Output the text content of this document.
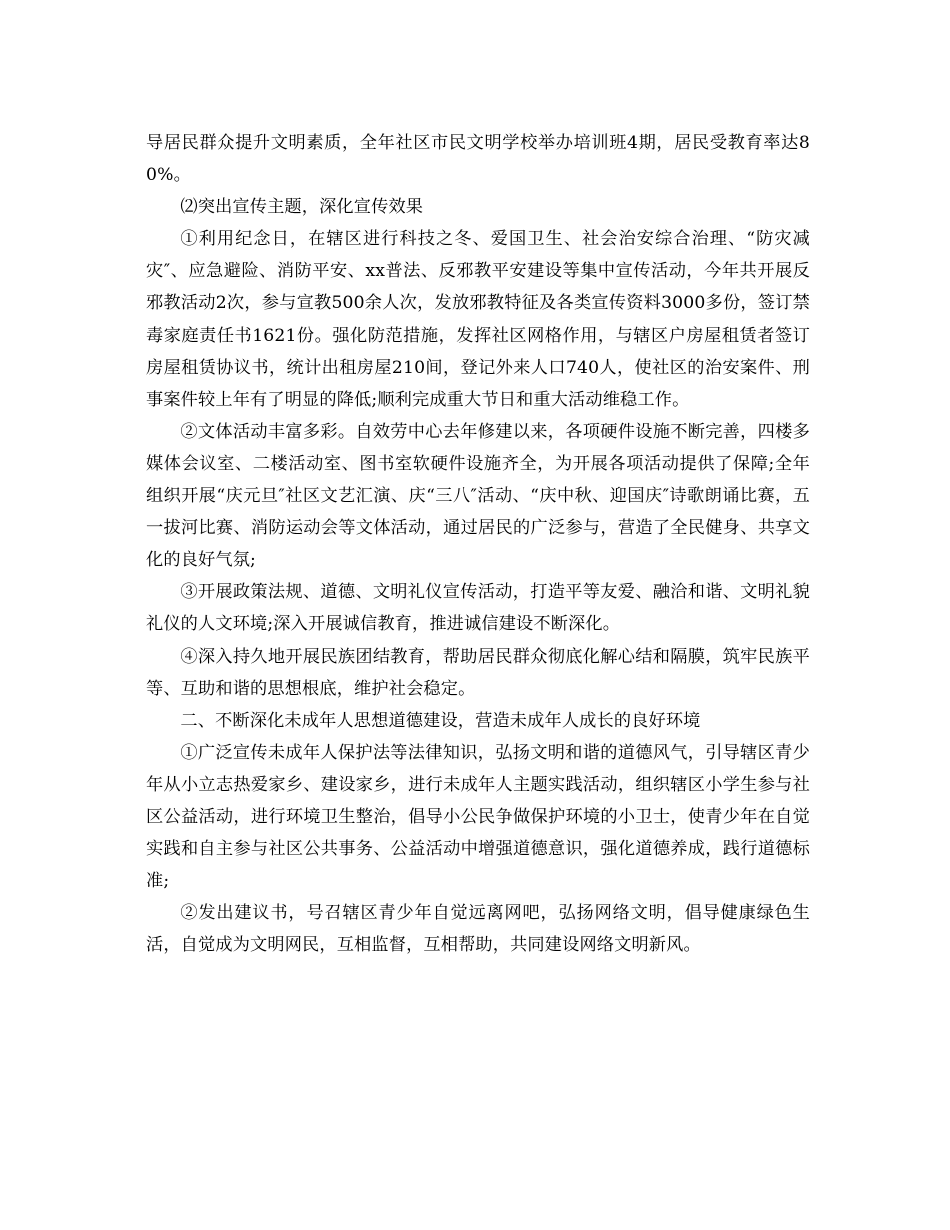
导居民群众提升文明素质，全年社区市民文明学校举办培训班4期，居民受教育率达80%。

⑵突出宣传主题，深化宣传效果

①利用纪念日，在辖区进行科技之冬、爱国卫生、社会治安综合治理、“防灾减灾″、应急避险、消防平安、xx普法、反邪教平安建设等集中宣传活动，今年共开展反邪教活动2次，参与宣教500余人次，发放邪教特征及各类宣传资料3000多份，签订禁毒家庭责任书1621份。强化防范措施，发挥社区网格作用，与辖区户房屋租赁者签订房屋租赁协议书，统计出租房屋210间，登记外来人口740人，使社区的治安案件、刑事案件较上年有了明显的降低;顺利完成重大节日和重大活动维稳工作。

②文体活动丰富多彩。自效劳中心去年修建以来，各项硬件设施不断完善，四楼多媒体会议室、二楼活动室、图书室软硬件设施齐全，为开展各项活动提供了保障;全年组织开展“庆元旦″社区文艺汇演、庆“三八″活动、“庆中秋、迎国庆″诗歌朗诵比赛，五一拔河比赛、消防运动会等文体活动，通过居民的广泛参与，营造了全民健身、共享文化的良好气氛;

③开展政策法规、道德、文明礼仪宣传活动，打造平等友爱、融洽和谐、文明礼貌礼仪的人文环境;深入开展诚信教育，推进诚信建设不断深化。

④深入持久地开展民族团结教育，帮助居民群众彻底化解心结和隔膜，筑牢民族平等、互助和谐的思想根底，维护社会稳定。

二、不断深化未成年人思想道德建设，营造未成年人成长的良好环境

①广泛宣传未成年人保护法等法律知识，弘扬文明和谐的道德风气，引导辖区青少年从小立志热爱家乡、建设家乡，进行未成年人主题实践活动，组织辖区小学生参与社区公益活动，进行环境卫生整治，倡导小公民争做保护环境的小卫士，使青少年在自觉实践和自主参与社区公共事务、公益活动中增强道德意识，强化道德养成，践行道德标准;

②发出建议书，号召辖区青少年自觉远离网吧，弘扬网络文明，倡导健康绿色生活，自觉成为文明网民，互相监督，互相帮助，共同建设网络文明新风。
